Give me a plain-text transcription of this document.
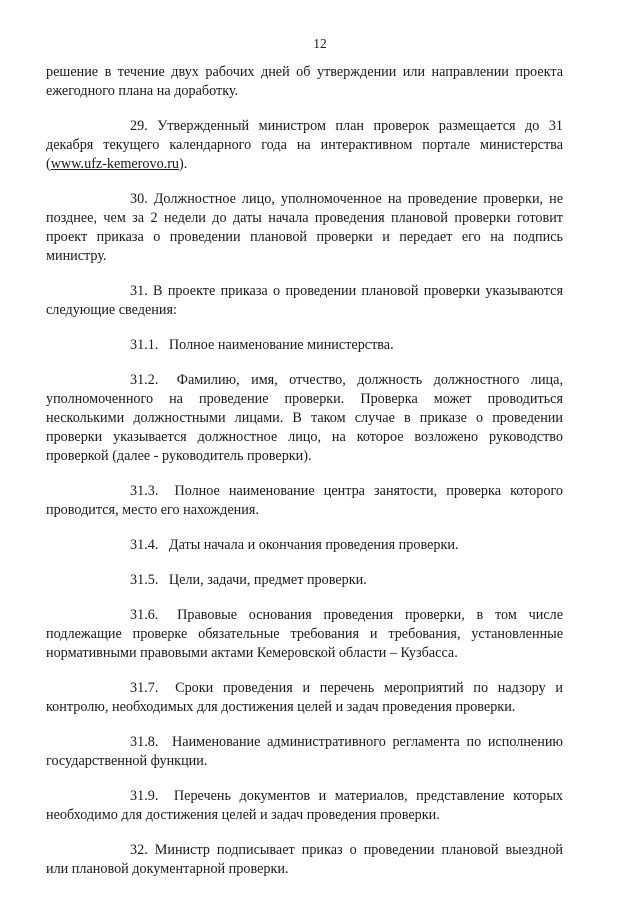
12

решение в течение двух рабочих дней об утверждении или направлении проекта ежегодного плана на доработку.

29. Утвержденный министром план проверок размещается до 31 декабря текущего календарного года на интерактивном портале министерства (www.ufz-kemerovo.ru).

30. Должностное лицо, уполномоченное на проведение проверки, не позднее, чем за 2 недели до даты начала проведения плановой проверки готовит проект приказа о проведении плановой проверки и передает его на подпись министру.

31. В проекте приказа о проведении плановой проверки указываются следующие сведения:

31.1. Полное наименование министерства.

31.2. Фамилию, имя, отчество, должность должностного лица, уполномоченного на проведение проверки. Проверка может проводиться несколькими должностными лицами. В таком случае в приказе о проведении проверки указывается должностное лицо, на которое возложено руководство проверкой (далее - руководитель проверки).

31.3. Полное наименование центра занятости, проверка которого проводится, место его нахождения.

31.4. Даты начала и окончания проведения проверки.

31.5. Цели, задачи, предмет проверки.

31.6. Правовые основания проведения проверки, в том числе подлежащие проверке обязательные требования и требования, установленные нормативными правовыми актами Кемеровской области – Кузбасса.

31.7. Сроки проведения и перечень мероприятий по надзору и контролю, необходимых для достижения целей и задач проведения проверки.

31.8. Наименование административного регламента по исполнению государственной функции.

31.9. Перечень документов и материалов, представление которых необходимо для достижения целей и задач проведения проверки.

32. Министр подписывает приказ о проведении плановой выездной или плановой документарной проверки.
